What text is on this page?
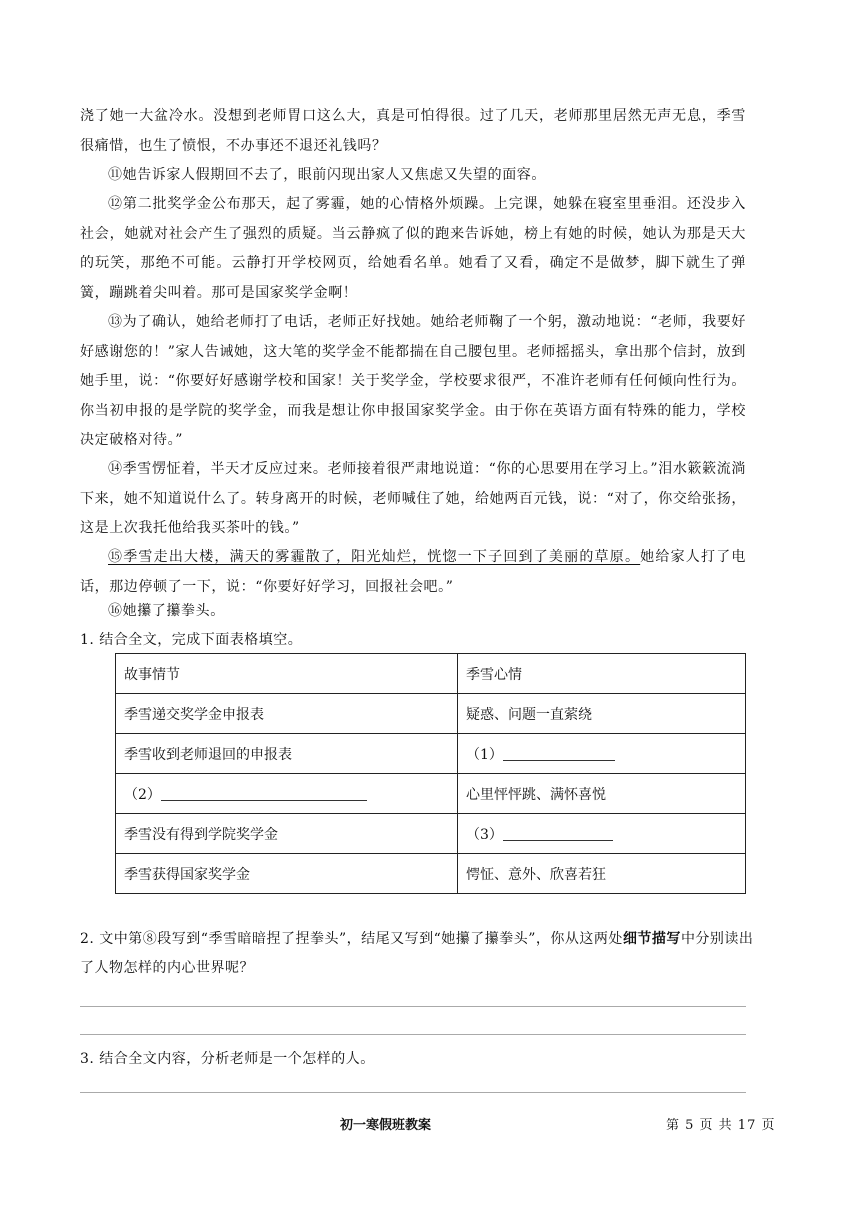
浇了她一大盆冷水。没想到老师胃口这么大，真是可怕得很。过了几天，老师那里居然无声无息，季雪很痛惜，也生了愤恨，不办事还不退还礼钱吗？

⑪她告诉家人假期回不去了，眼前闪现出家人又焦虑又失望的面容。

⑫第二批奖学金公布那天，起了雾霾，她的心情格外烦躁。上完课，她躲在寝室里垂泪。还没步入社会，她就对社会产生了强烈的质疑。当云静疯了似的跑来告诉她，榜上有她的时候，她认为那是天大的玩笑，那绝不可能。云静打开学校网页，给她看名单。她看了又看，确定不是做梦，脚下就生了弹簧，蹦跳着尖叫着。那可是国家奖学金啊！

⑬为了确认，她给老师打了电话，老师正好找她。她给老师鞠了一个躬，激动地说：“老师，我要好好感谢您的！”家人告诫她，这大笔的奖学金不能都揣在自己腰包里。老师摇摇头，拿出那个信封，放到她手里，说：“你要好好感谢学校和国家！关于奖学金，学校要求很严，不准许老师有任何倾向性行为。你当初申报的是学院的奖学金，而我是想让你申报国家奖学金。由于你在英语方面有特殊的能力，学校决定破格对待。”

⑭季雪愣怔着，半天才反应过来。老师接着很严肃地说道：“你的心思要用在学习上。”泪水簌簌流淌下来，她不知道说什么了。转身离开的时候，老师喊住了她，给她两百元钱，说：“对了，你交给张扬，这是上次我托他给我买茶叶的钱。”

⑮季雪走出大楼，满天的雾霾散了，阳光灿烂，恍惚一下子回到了美丽的草原。她给家人打了电话，那边停顿了一下，说：“你要好好学习，回报社会吧。”

⑯她攥了攥拳头。

1. 结合全文，完成下面表格填空。

故事情节	季雪心情
季雪递交奖学金申报表	疑惑、问题一直萦绕
季雪收到老师退回的申报表	（1）
（2）	心里怦怦跳、满怀喜悦
季雪没有得到学院奖学金	（3）
季雪获得国家奖学金	愕怔、意外、欣喜若狂

2. 文中第⑧段写到“季雪暗暗捏了捏拳头”，结尾又写到“她攥了攥拳头”，你从这两处细节描写中分别读出了人物怎样的内心世界呢？

3. 结合全文内容，分析老师是一个怎样的人。

初一寒假班教案	第 5 页 共 17 页
